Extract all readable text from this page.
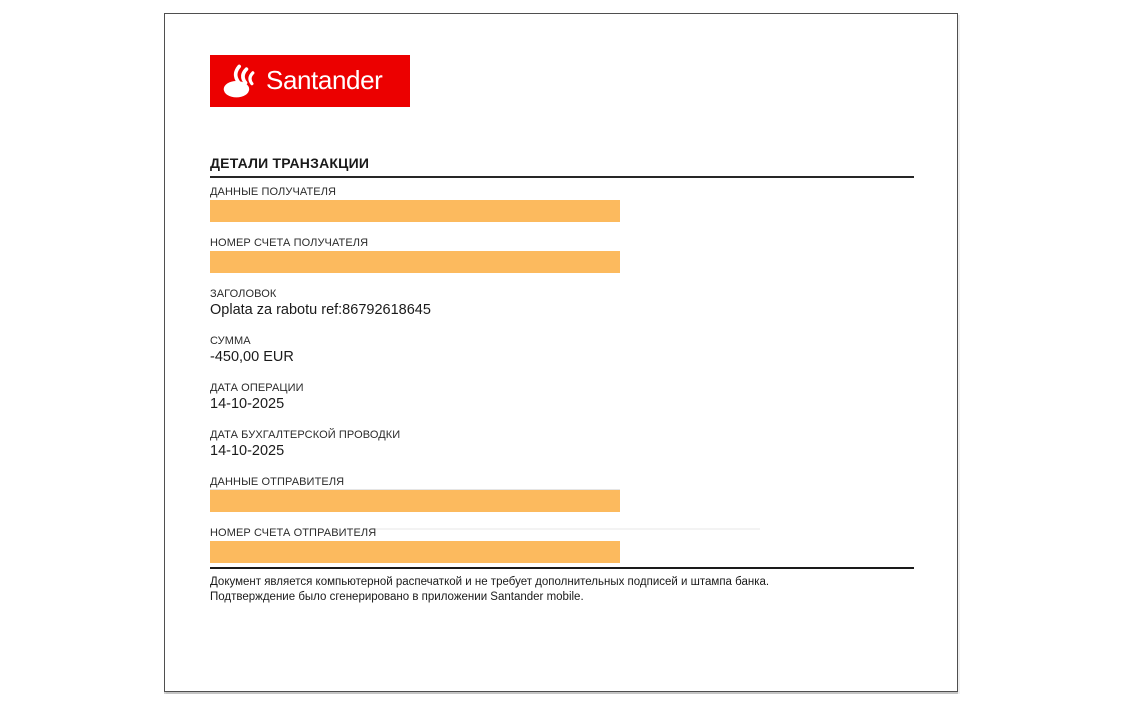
Santander
ДЕТАЛИ ТРАНЗАКЦИИ
ДАННЫЕ ПОЛУЧАТЕЛЯ
НОМЕР СЧЕТА ПОЛУЧАТЕЛЯ
ЗАГОЛОВОК
Oplata za rabotu ref:86792618645
СУММА
-450,00 EUR
ДАТА ОПЕРАЦИИ
14-10-2025
ДАТА БУХГАЛТЕРСКОЙ ПРОВОДКИ
14-10-2025
ДАННЫЕ ОТПРАВИТЕЛЯ
НОМЕР СЧЕТА ОТПРАВИТЕЛЯ

Документ является компьютерной распечаткой и не требует дополнительных подписей и штампа банка.

Подтверждение было сгенерировано в приложении Santander mobile.
